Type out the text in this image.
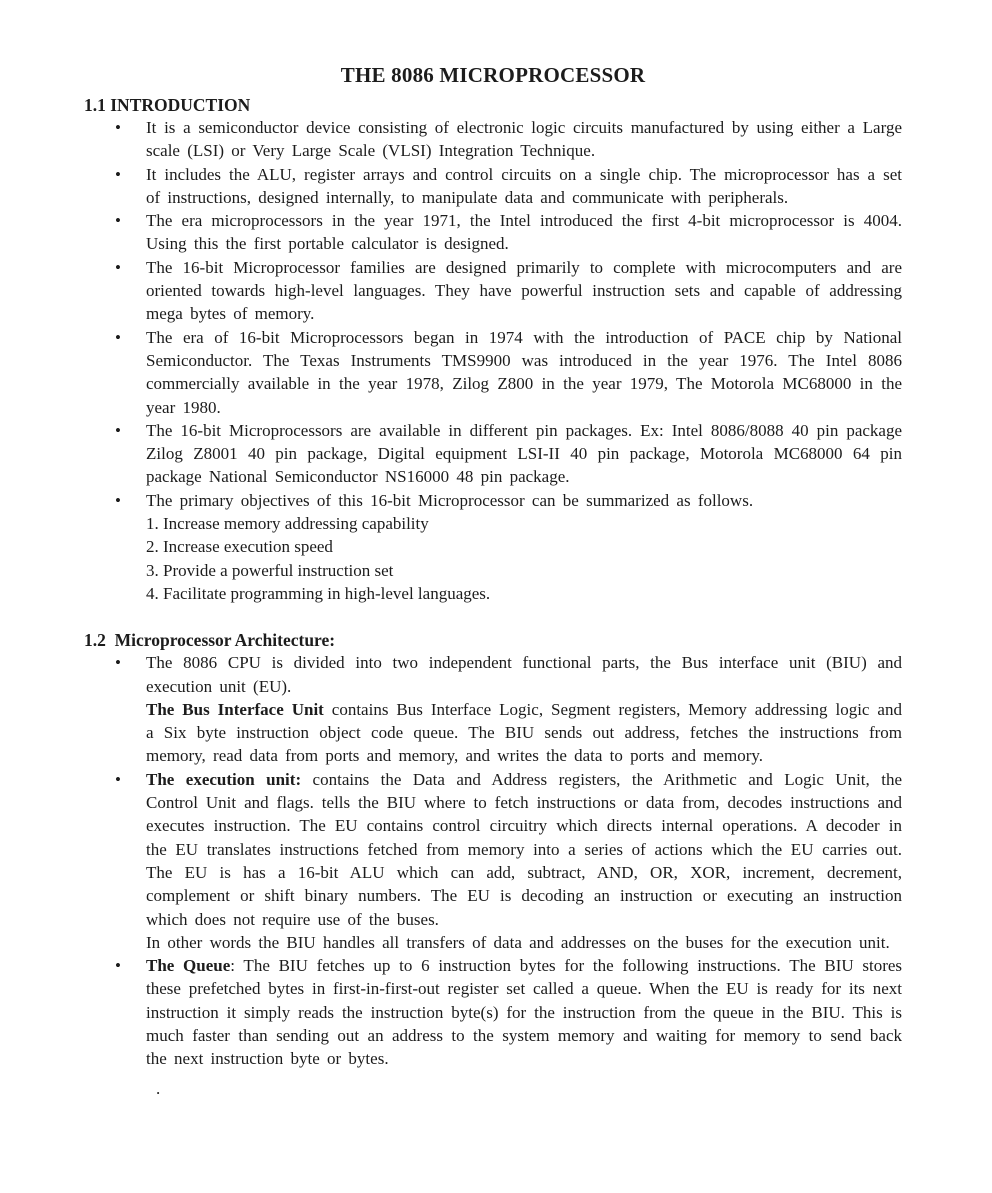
THE 8086 MICROPROCESSOR
1.1 INTRODUCTION
• It is a semiconductor device consisting of electronic logic circuits manufactured by using either a Large scale (LSI) or Very Large Scale (VLSI) Integration Technique.
• It includes the ALU, register arrays and control circuits on a single chip. The microprocessor has a set of instructions, designed internally, to manipulate data and communicate with peripherals.
• The era microprocessors in the year 1971, the Intel introduced the first 4-bit microprocessor is 4004. Using this the first portable calculator is designed.
• The 16-bit Microprocessor families are designed primarily to complete with microcomputers and are oriented towards high-level languages. They have powerful instruction sets and capable of addressing mega bytes of memory.
• The era of 16-bit Microprocessors began in 1974 with the introduction of PACE chip by National Semiconductor. The Texas Instruments TMS9900 was introduced in the year 1976. The Intel 8086 commercially available in the year 1978, Zilog Z800 in the year 1979, The Motorola MC68000 in the year 1980.
• The 16-bit Microprocessors are available in different pin packages. Ex: Intel 8086/8088 40 pin package Zilog Z8001 40 pin package, Digital equipment LSI-II 40 pin package, Motorola MC68000 64 pin package National Semiconductor NS16000 48 pin package.
• The primary objectives of this 16-bit Microprocessor can be summarized as follows.
1. Increase memory addressing capability
2. Increase execution speed
3. Provide a powerful instruction set
4. Facilitate programming in high-level languages.
1.2  Microprocessor Architecture:
• The 8086 CPU is divided into two independent functional parts, the Bus interface unit (BIU) and execution unit (EU).
The Bus Interface Unit contains Bus Interface Logic, Segment registers, Memory addressing logic and a Six byte instruction object code queue. The BIU sends out address, fetches the instructions from memory, read data from ports and memory, and writes the data to ports and memory.
• The execution unit: contains the Data and Address registers, the Arithmetic and Logic Unit, the Control Unit and flags. tells the BIU where to fetch instructions or data from, decodes instructions and executes instruction. The EU contains control circuitry which directs internal operations. A decoder in the EU translates instructions fetched from memory into a series of actions which the EU carries out. The EU is has a 16-bit ALU which can add, subtract, AND, OR, XOR, increment, decrement, complement or shift binary numbers. The EU is decoding an instruction or executing an instruction which does not require use of the buses.
In other words the BIU handles all transfers of data and addresses on the buses for the execution unit.
• The Queue: The BIU fetches up to 6 instruction bytes for the following instructions. The BIU stores these prefetched bytes in first-in-first-out register set called a queue. When the EU is ready for its next instruction it simply reads the instruction byte(s) for the instruction from the queue in the BIU. This is much faster than sending out an address to the system memory and waiting for memory to send back the next instruction byte or bytes.
.
